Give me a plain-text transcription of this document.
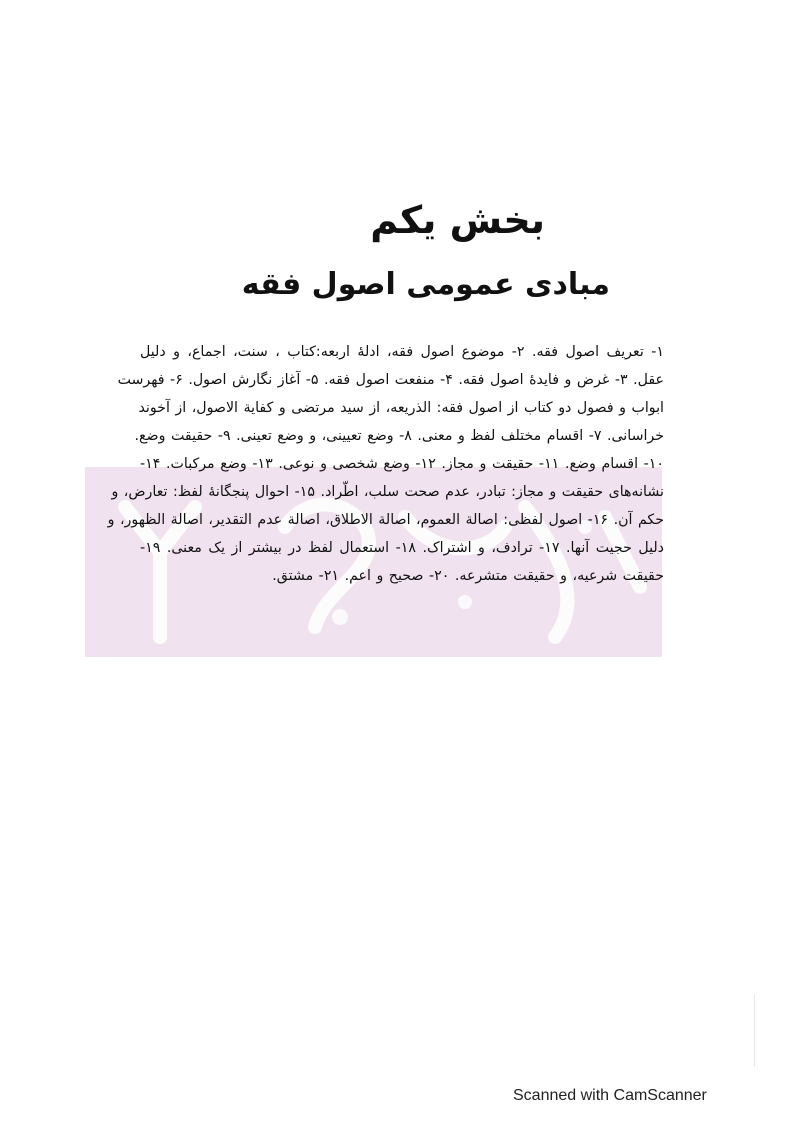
بخش یکم
مبادی عمومی اصول فقه
۱- تعریف اصول فقه. ۲- موضوع اصول فقه، ادلهٔ اربعه:کتاب ، سنت، اجماع، و دلیل
عقل. ۳- غرض و فایدهٔ اصول فقه. ۴- منفعت اصول فقه. ۵- آغاز نگارش اصول. ۶- فهرست
ابواب و فصول دو کتاب از اصول فقه: الذریعه، از سید مرتضی و کفایة الاصول، از آخوند
خراسانی. ۷- اقسام مختلف لفظ و معنی. ۸- وضع تعیینی، و وضع تعینی. ۹- حقیقت وضع.
۱۰- اقسام وضع. ۱۱- حقیقت و مجاز. ۱۲- وضع شخصی و نوعی. ۱۳- وضع مرکبات. ۱۴-
نشانه‌های حقیقت و مجاز: تبادر، عدم صحت سلب، اطّراد. ۱۵- احوال پنجگانهٔ لفظ: تعارض، و
حکم آن. ۱۶- اصول لفظی: اصالة العموم، اصالة الاطلاق، اصالة عدم التقدیر، اصالة الظهور، و
دلیل حجیت آنها. ۱۷- ترادف، و اشتراک. ۱۸- استعمال لفظ در بیشتر از یک معنی. ۱۹-
حقیقت شرعیه، و حقیقت متشرعه. ۲۰- صحیح و اعم. ۲۱- مشتق.
Scanned with CamScanner
